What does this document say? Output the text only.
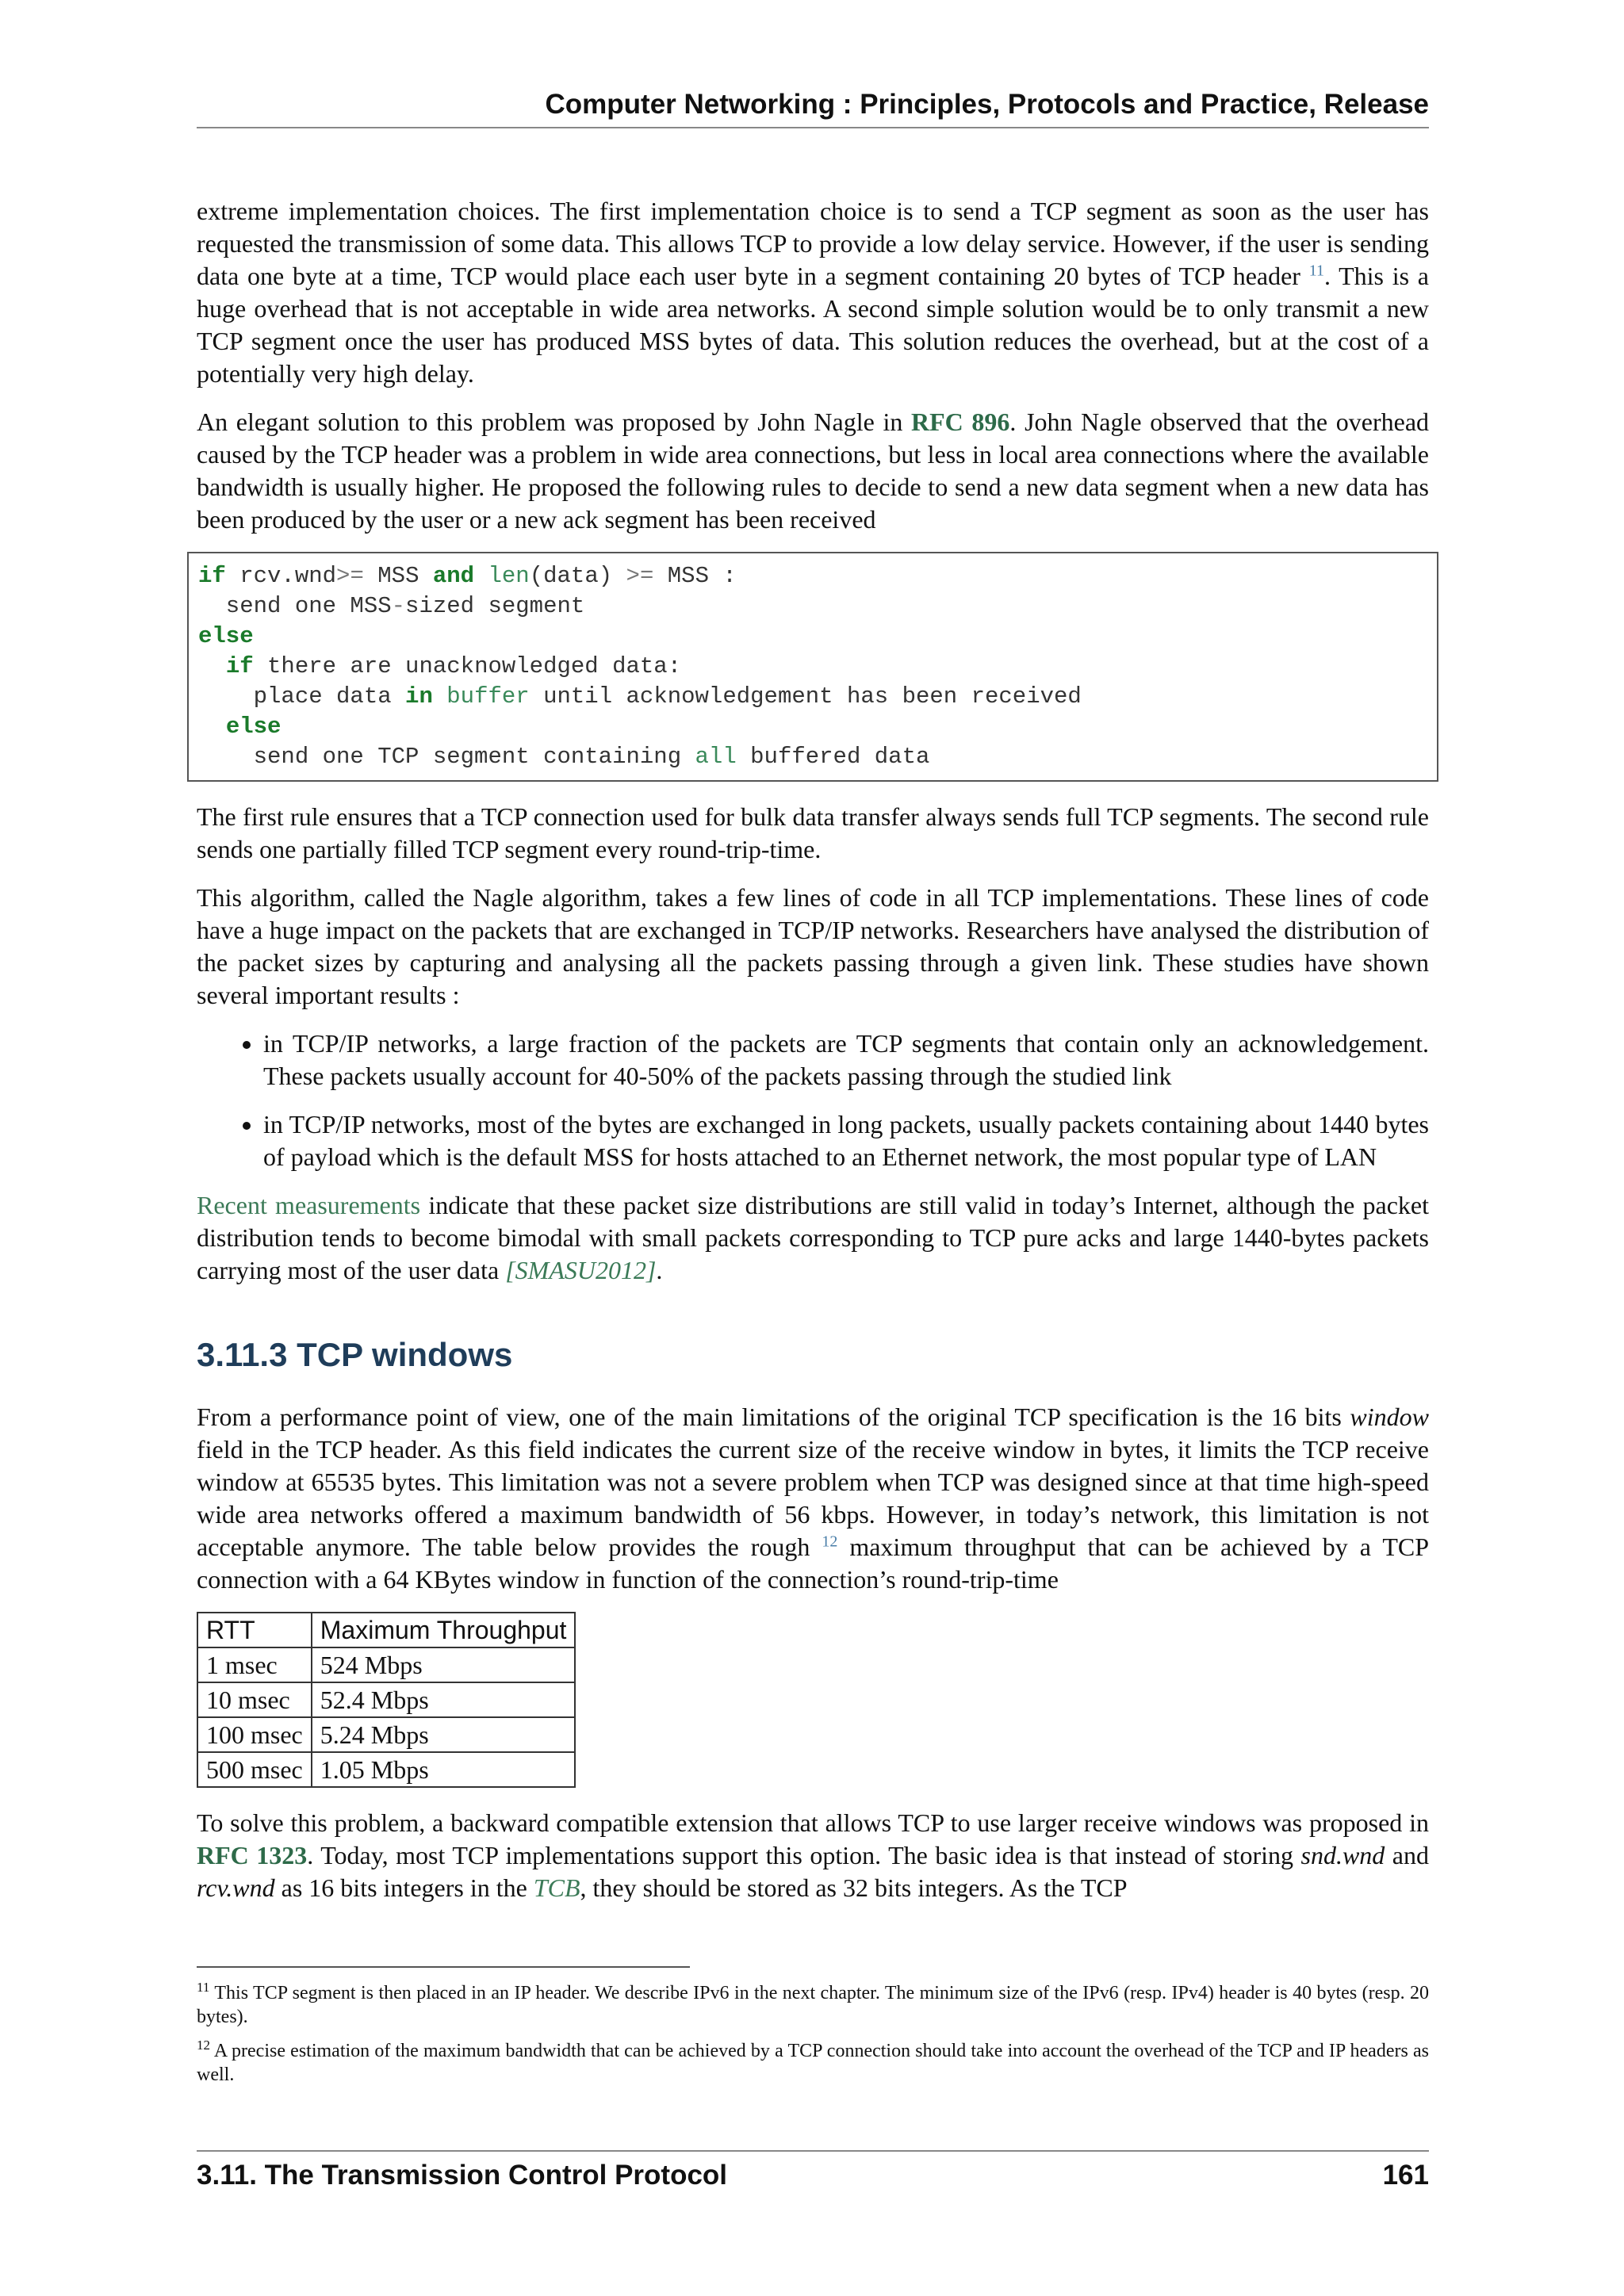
Computer Networking : Principles, Protocols and Practice, Release

extreme implementation choices. The first implementation choice is to send a TCP segment as soon as the user has requested the transmission of some data. This allows TCP to provide a low delay service. However, if the user is sending data one byte at a time, TCP would place each user byte in a segment containing 20 bytes of TCP header $^{11}$. This is a huge overhead that is not acceptable in wide area networks. A second simple solution would be to only transmit a new TCP segment once the user has produced MSS bytes of data. This solution reduces the overhead, but at the cost of a potentially very high delay.

An elegant solution to this problem was proposed by John Nagle in RFC 896. John Nagle observed that the overhead caused by the TCP header was a problem in wide area connections, but less in local area connections where the available bandwidth is usually higher. He proposed the following rules to decide to send a new data segment when a new data has been produced by the user or a new ack segment has been received

if rcv.wnd>= MSS and len(data) >= MSS :
send one MSS-sized segment
else
if there are unacknowledged data:
place data in buffer until acknowledgement has been received
else
send one TCP segment containing all buffered data

The first rule ensures that a TCP connection used for bulk data transfer always sends full TCP segments. The second rule sends one partially filled TCP segment every round-trip-time.

This algorithm, called the Nagle algorithm, takes a few lines of code in all TCP implementations. These lines of code have a huge impact on the packets that are exchanged in TCP/IP networks. Researchers have analysed the distribution of the packet sizes by capturing and analysing all the packets passing through a given link. These studies have shown several important results :

• in TCP/IP networks, a large fraction of the packets are TCP segments that contain only an acknowledgement. These packets usually account for 40-50% of the packets passing through the studied link
• in TCP/IP networks, most of the bytes are exchanged in long packets, usually packets containing about 1440 bytes of payload which is the default MSS for hosts attached to an Ethernet network, the most popular type of LAN

Recent measurements indicate that these packet size distributions are still valid in today’s Internet, although the packet distribution tends to become bimodal with small packets corresponding to TCP pure acks and large 1440-bytes packets carrying most of the user data [SMASU2012].

3.11.3 TCP windows

From a performance point of view, one of the main limitations of the original TCP specification is the 16 bits window field in the TCP header. As this field indicates the current size of the receive window in bytes, it limits the TCP receive window at 65535 bytes. This limitation was not a severe problem when TCP was designed since at that time high-speed wide area networks offered a maximum bandwidth of 56 kbps. However, in today’s network, this limitation is not acceptable anymore. The table below provides the rough $^{12}$ maximum throughput that can be achieved by a TCP connection with a 64 KBytes window in function of the connection’s round-trip-time

RTT	Maximum Throughput
1 msec	524 Mbps
10 msec	52.4 Mbps
100 msec	5.24 Mbps
500 msec	1.05 Mbps

To solve this problem, a backward compatible extension that allows TCP to use larger receive windows was proposed in RFC 1323. Today, most TCP implementations support this option. The basic idea is that instead of storing snd.wnd and rcv.wnd as 16 bits integers in the TCB, they should be stored as 32 bits integers. As the TCP

$^{11}$ This TCP segment is then placed in an IP header. We describe IPv6 in the next chapter. The minimum size of the IPv6 (resp. IPv4) header is 40 bytes (resp. 20 bytes).

$^{12}$ A precise estimation of the maximum bandwidth that can be achieved by a TCP connection should take into account the overhead of the TCP and IP headers as well.

3.11. The Transmission Control Protocol	161
